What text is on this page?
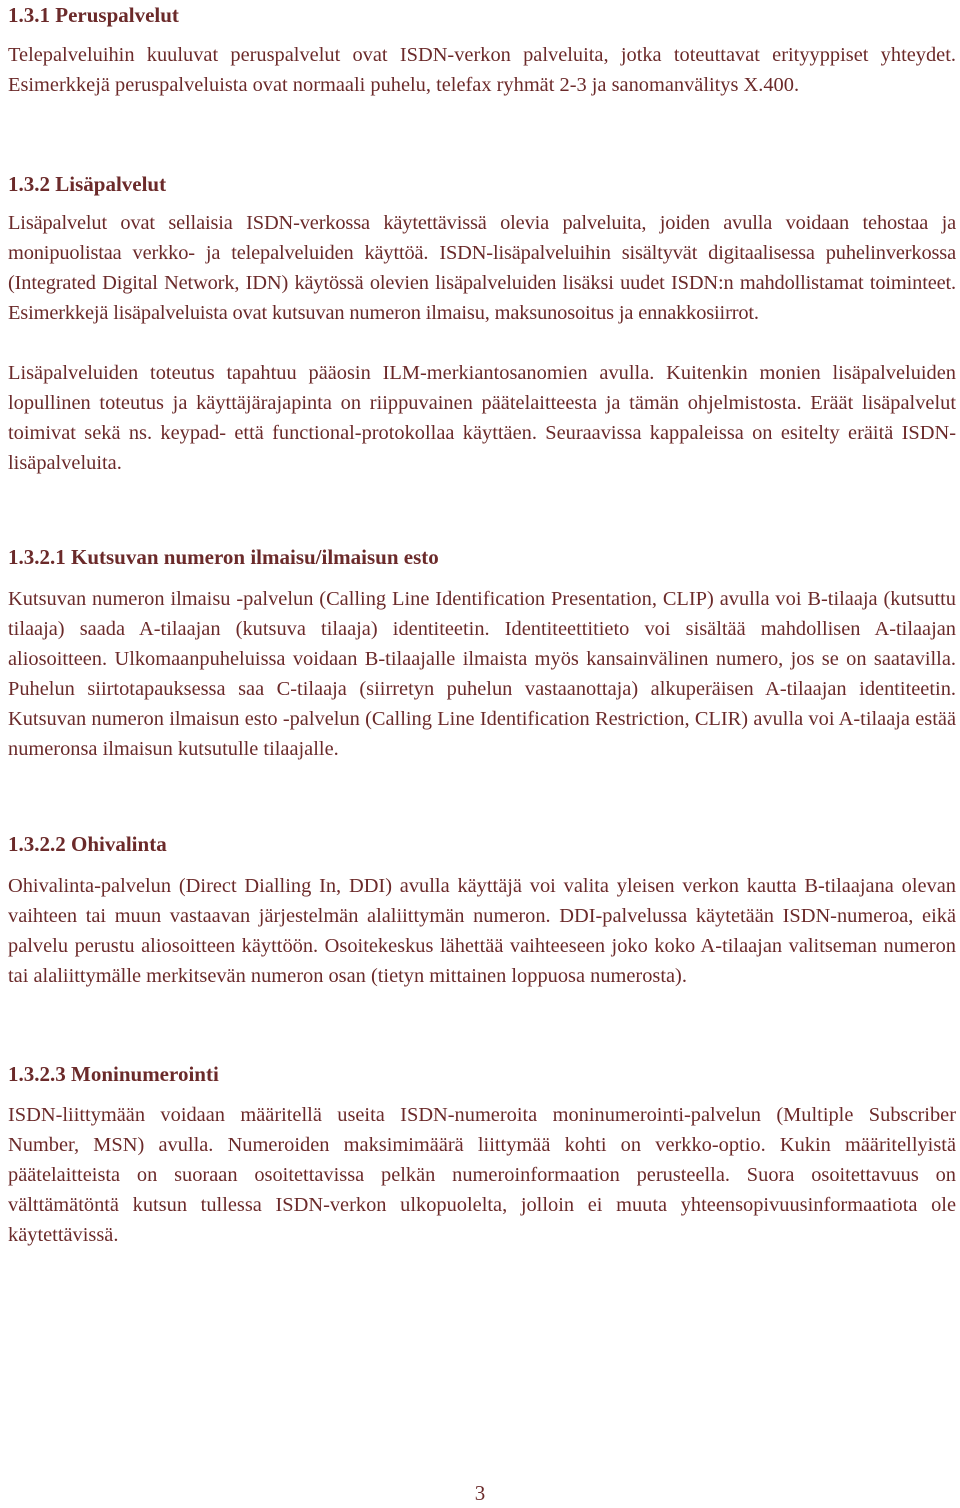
1.3.1 Peruspalvelut

Telepalveluihin kuuluvat peruspalvelut ovat ISDN-verkon palveluita, jotka toteuttavat erityyppiset yhteydet. Esimerkkejä peruspalveluista ovat normaali puhelu, telefax ryhmät 2-3 ja sanomanvälitys X.400.

1.3.2 Lisäpalvelut

Lisäpalvelut ovat sellaisia ISDN-verkossa käytettävissä olevia palveluita, joiden avulla voidaan tehostaa ja monipuolistaa verkko- ja telepalveluiden käyttöä. ISDN-lisäpalveluihin sisältyvät digitaalisessa puhelinverkossa (Integrated Digital Network, IDN) käytössä olevien lisäpalveluiden lisäksi uudet ISDN:n mahdollistamat toiminteet. Esimerkkejä lisäpalveluista ovat kutsuvan numeron ilmaisu, maksunosoitus ja ennakkosiirrot.

Lisäpalveluiden toteutus tapahtuu pääosin ILM-merkiantosanomien avulla. Kuitenkin monien lisäpalveluiden lopullinen toteutus ja käyttäjärajapinta on riippuvainen päätelaitteesta ja tämän ohjelmistosta. Eräät lisäpalvelut toimivat sekä ns. keypad- että functional-protokollaa käyttäen. Seuraavissa kappaleissa on esitelty eräitä ISDN-lisäpalveluita.

1.3.2.1 Kutsuvan numeron ilmaisu/ilmaisun esto

Kutsuvan numeron ilmaisu -palvelun (Calling Line Identification Presentation, CLIP) avulla voi B-tilaaja (kutsuttu tilaaja) saada A-tilaajan (kutsuva tilaaja) identiteetin. Identiteettitieto voi sisältää mahdollisen A-tilaajan aliosoitteen. Ulkomaanpuheluissa voidaan B-tilaajalle ilmaista myös kansainvälinen numero, jos se on saatavilla. Puhelun siirtotapauksessa saa C-tilaaja (siirretyn puhelun vastaanottaja) alkuperäisen A-tilaajan identiteetin. Kutsuvan numeron ilmaisun esto -palvelun (Calling Line Identification Restriction, CLIR) avulla voi A-tilaaja estää numeronsa ilmaisun kutsutulle tilaajalle.

1.3.2.2 Ohivalinta

Ohivalinta-palvelun (Direct Dialling In, DDI) avulla käyttäjä voi valita yleisen verkon kautta B-tilaajana olevan vaihteen tai muun vastaavan järjestelmän alaliittymän numeron. DDI-palvelussa käytetään ISDN-numeroa, eikä palvelu perustu aliosoitteen käyttöön. Osoitekeskus lähettää vaihteeseen joko koko A-tilaajan valitseman numeron tai alaliittymälle merkitsevän numeron osan (tietyn mittainen loppuosa numerosta).

1.3.2.3 Moninumerointi

ISDN-liittymään voidaan määritellä useita ISDN-numeroita moninumerointi-palvelun (Multiple Subscriber Number, MSN) avulla. Numeroiden maksimimäärä liittymää kohti on verkko-optio. Kukin määritellyistä päätelaitteista on suoraan osoitettavissa pelkän numeroinformaation perusteella. Suora osoitettavuus on välttämätöntä kutsun tullessa ISDN-verkon ulkopuolelta, jolloin ei muuta yhteensopivuusinformaatiota ole käytettävissä.

3
